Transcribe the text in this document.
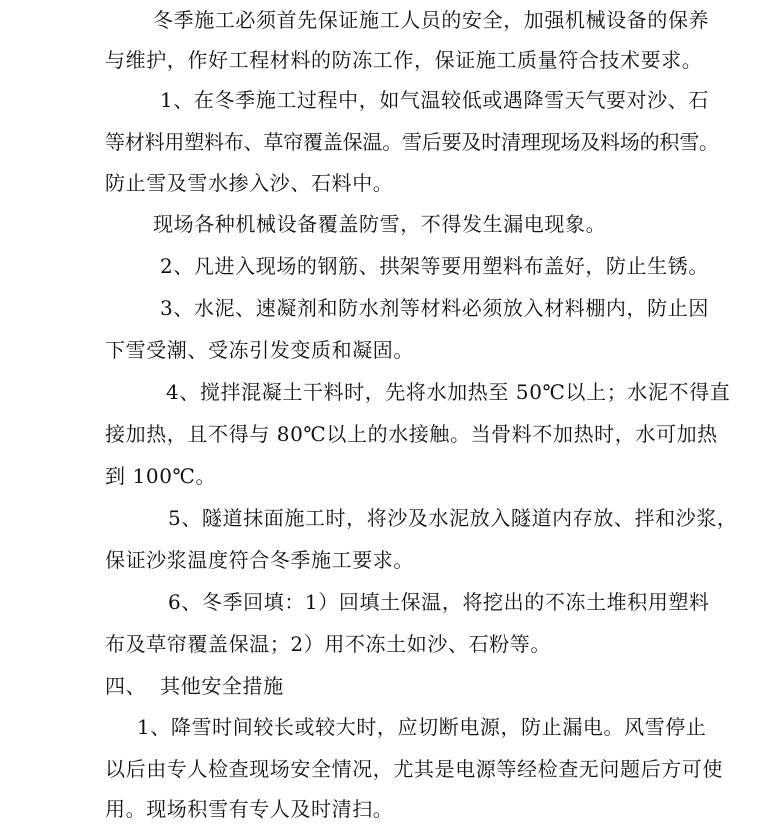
冬季施工必须首先保证施工人员的安全，加强机械设备的保养
与维护，作好工程材料的防冻工作，保证施工质量符合技术要求。
1、在冬季施工过程中，如气温较低或遇降雪天气要对沙、石
等材料用塑料布、草帘覆盖保温。雪后要及时清理现场及料场的积雪。
防止雪及雪水掺入沙、石料中。
现场各种机械设备覆盖防雪，不得发生漏电现象。
2、凡进入现场的钢筋、拱架等要用塑料布盖好，防止生锈。
3、水泥、速凝剂和防水剂等材料必须放入材料棚内，防止因
下雪受潮、受冻引发变质和凝固。
4、搅拌混凝土干料时，先将水加热至 50℃以上；水泥不得直
接加热，且不得与 80℃以上的水接触。当骨料不加热时，水可加热
到 100℃。
5、隧道抹面施工时，将沙及水泥放入隧道内存放、拌和沙浆，
保证沙浆温度符合冬季施工要求。
6、冬季回填：1）回填土保温，将挖出的不冻土堆积用塑料
布及草帘覆盖保温；2）用不冻土如沙、石粉等。
四、  其他安全措施
1、降雪时间较长或较大时，应切断电源，防止漏电。风雪停止
以后由专人检查现场安全情况，尤其是电源等经检查无问题后方可使
用。现场积雪有专人及时清扫。
